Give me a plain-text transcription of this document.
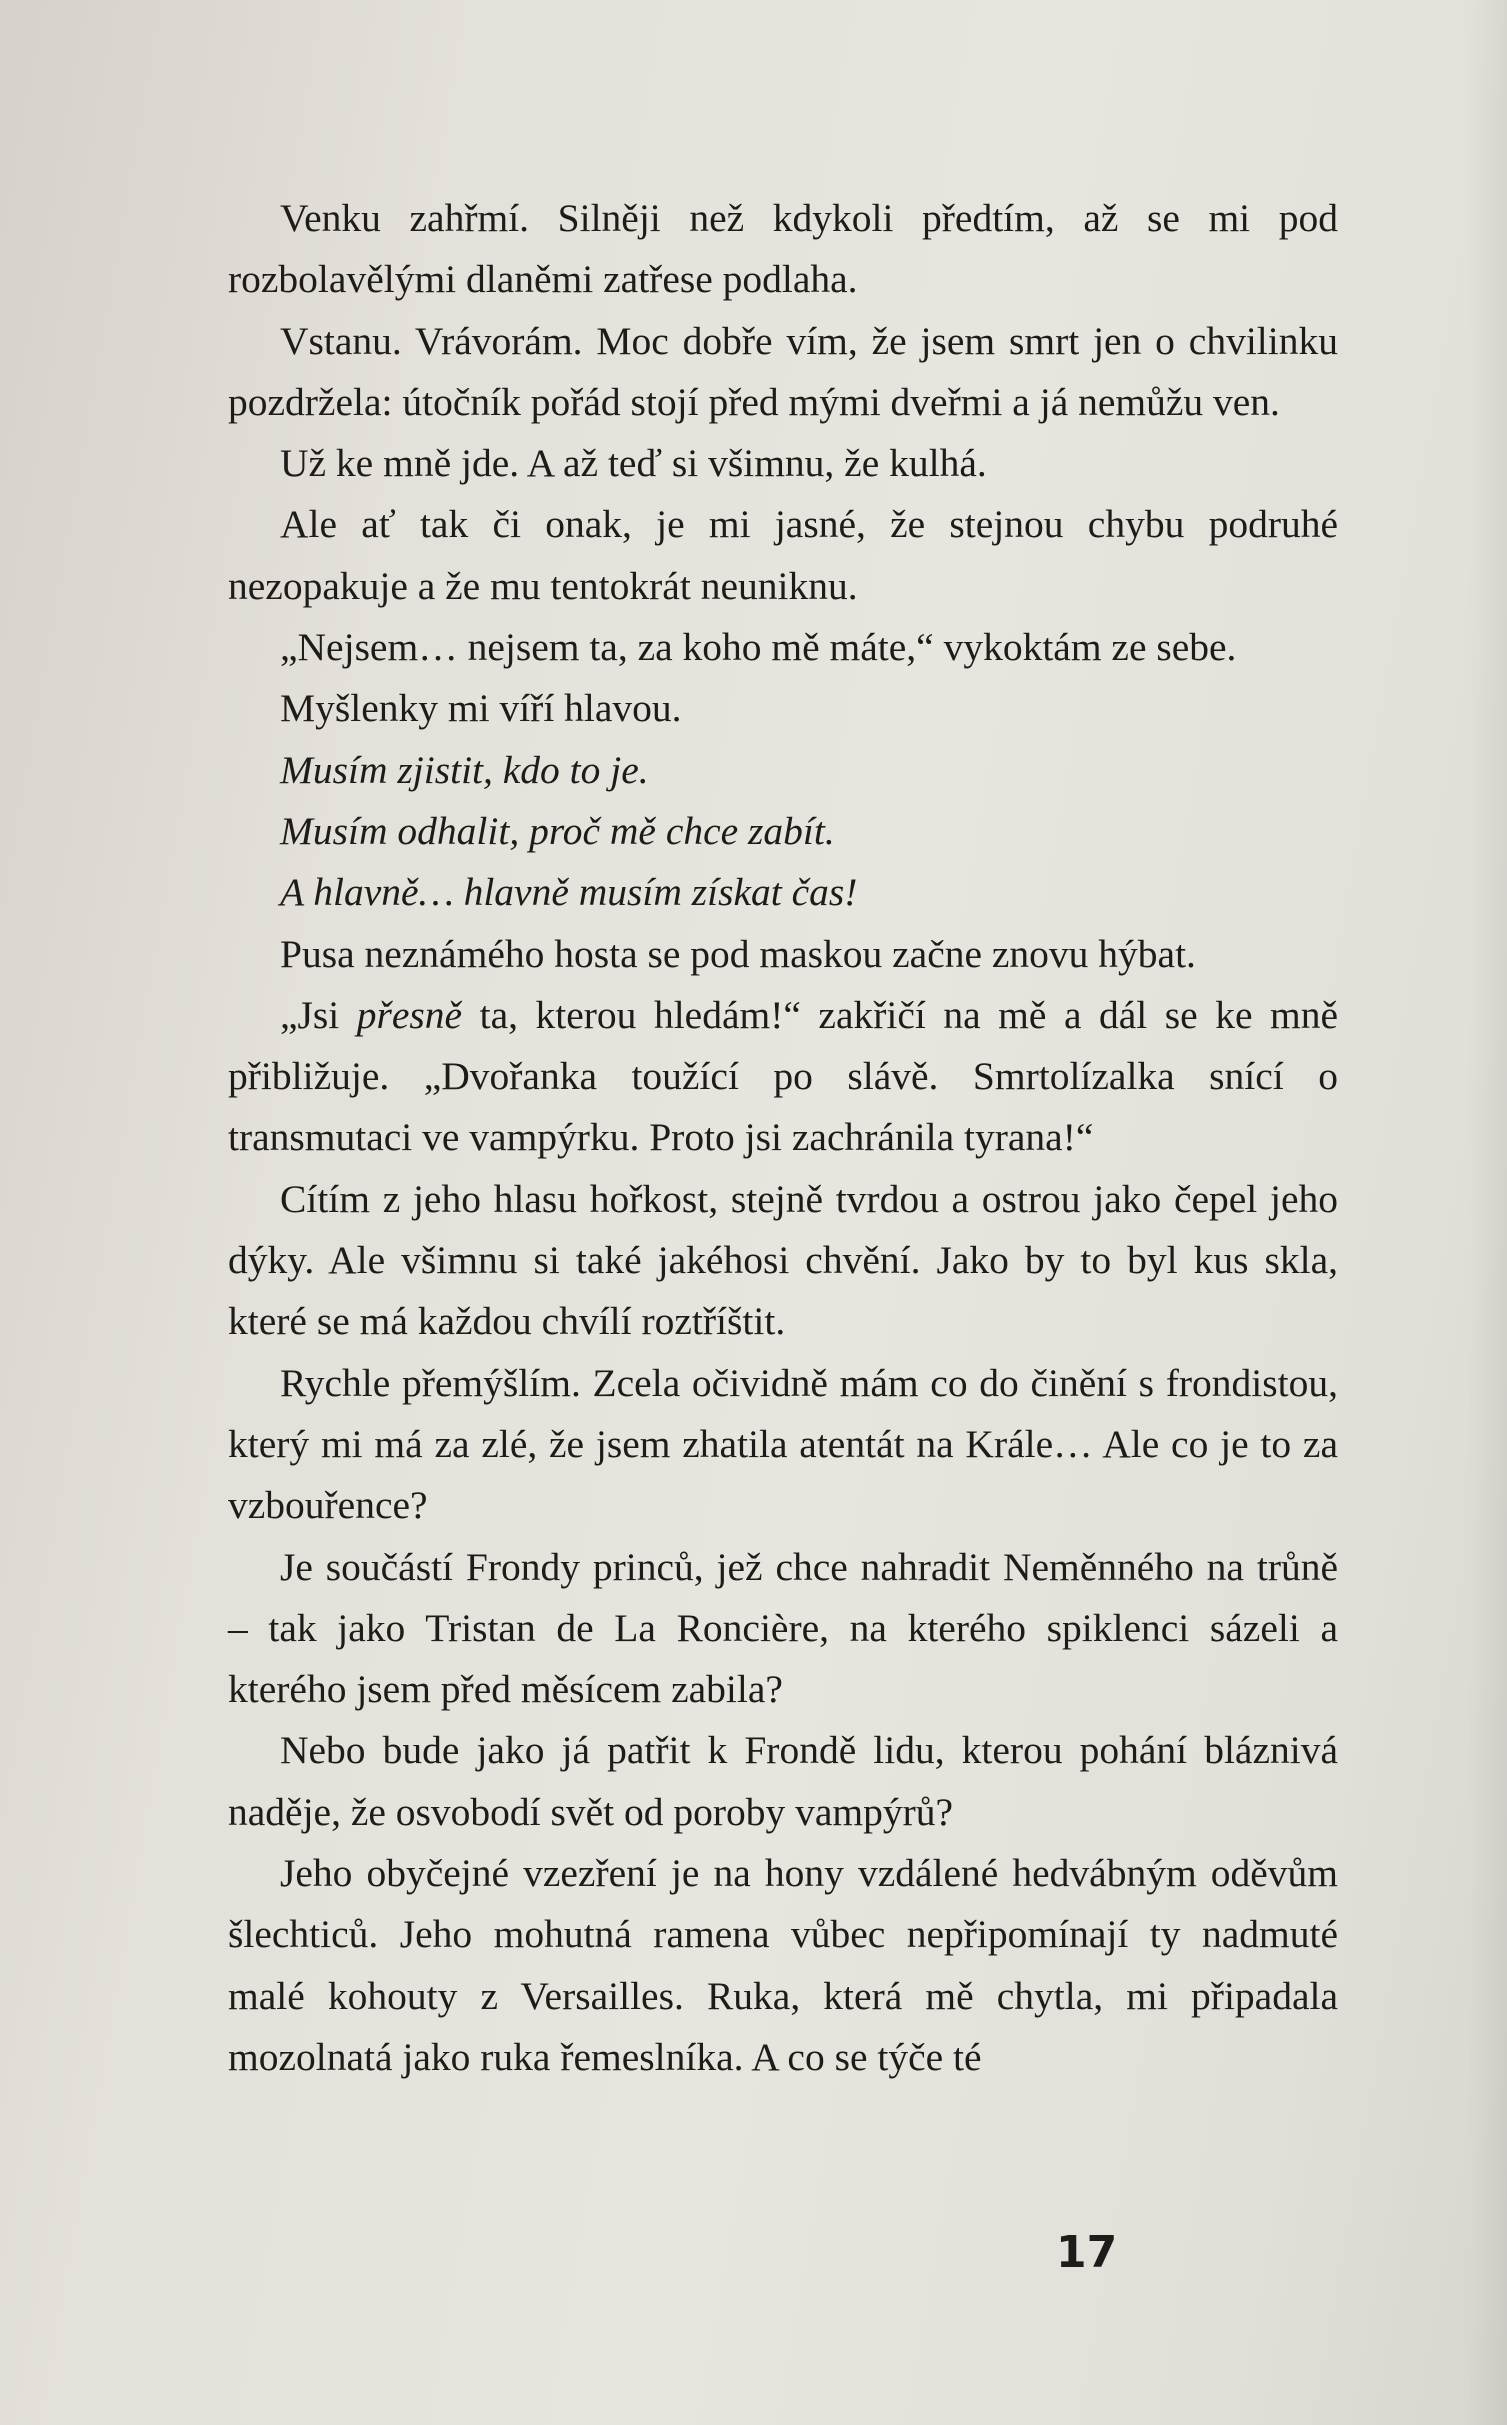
Venku zahřmí. Silněji než kdykoli předtím, až se mi pod rozbolavělými dlaněmi zatřese podlaha.

Vstanu. Vrávorám. Moc dobře vím, že jsem smrt jen o chvilinku pozdržela: útočník pořád stojí před mými dveřmi a já nemůžu ven.

Už ke mně jde. A až teď si všimnu, že kulhá.

Ale ať tak či onak, je mi jasné, že stejnou chybu podruhé nezopakuje a že mu tentokrát neuniknu.

„Nejsem… nejsem ta, za koho mě máte,“ vykoktám ze sebe.

Myšlenky mi víří hlavou.

Musím zjistit, kdo to je.

Musím odhalit, proč mě chce zabít.

A hlavně… hlavně musím získat čas!

Pusa neznámého hosta se pod maskou začne znovu hýbat.

„Jsi přesně ta, kterou hledám!“ zakřičí na mě a dál se ke mně přibližuje. „Dvořanka toužící po slávě. Smrtolízalka snící o transmutaci ve vampýrku. Proto jsi zachránila tyrana!“

Cítím z jeho hlasu hořkost, stejně tvrdou a ostrou jako čepel jeho dýky. Ale všimnu si také jakéhosi chvění. Jako by to byl kus skla, které se má každou chvílí roztříštit.

Rychle přemýšlím. Zcela očividně mám co do činění s frondistou, který mi má za zlé, že jsem zhatila atentát na Krále… Ale co je to za vzbouřence?

Je součástí Frondy princů, jež chce nahradit Neměnného na trůně – tak jako Tristan de La Roncière, na kterého spiklenci sázeli a kterého jsem před měsícem zabila?

Nebo bude jako já patřit k Frondě lidu, kterou pohání bláznivá naděje, že osvobodí svět od poroby vampýrů?

Jeho obyčejné vzezření je na hony vzdálené hedvábným oděvům šlechticů. Jeho mohutná ramena vůbec nepřipomínají ty nadmuté malé kohouty z Versailles. Ruka, která mě chytla, mi připadala mozolnatá jako ruka řemeslníka. A co se týče té

17
